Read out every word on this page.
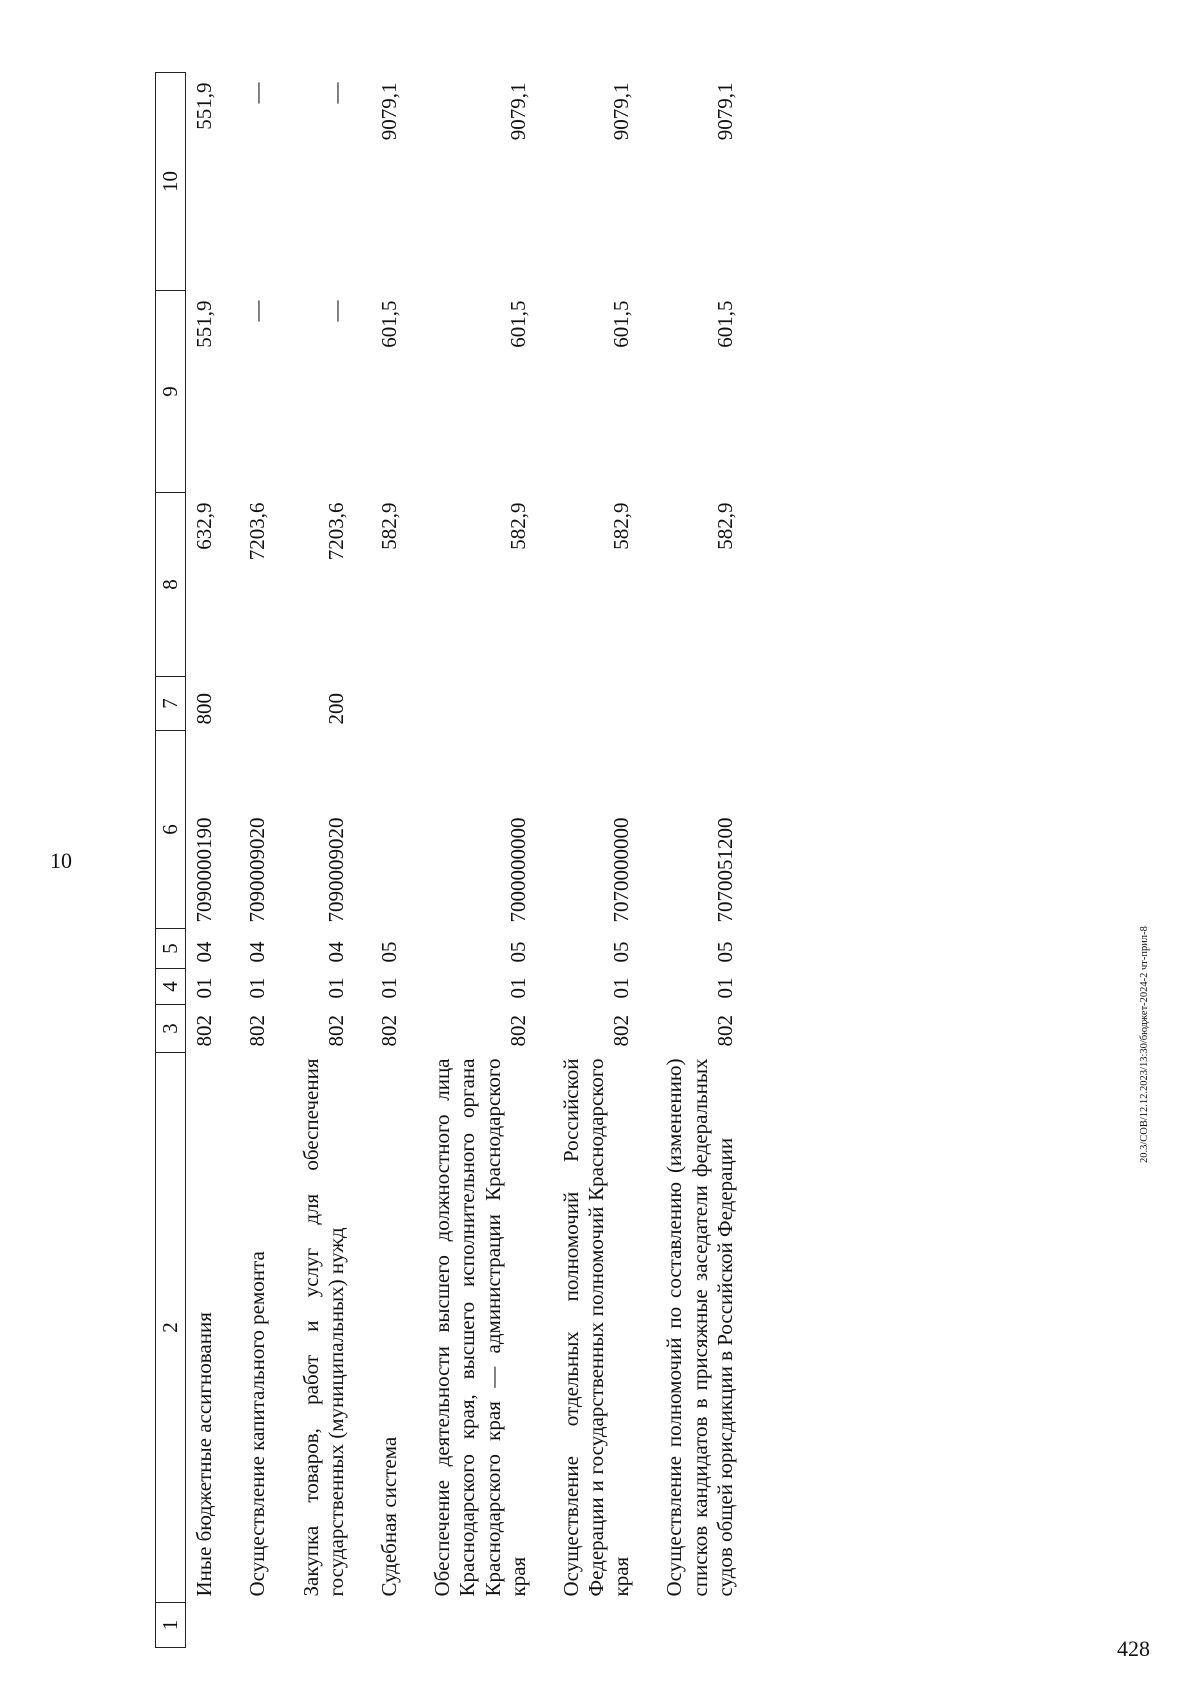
10
20.3/СОВ/12.12.2023/13:30/бюджет-2024-2 чт-прил-8
428
1	2	3	4	5	6	7	8	9	10
	Иные бюджетные ассигнования	802	01	04	7090000190	800	632,9	551,9	551,9
	Осуществление капитального ремонта	802	01	04	7090009020		7203,6	—	—
	Закупка товаров, работ и услуг для обеспечения государственных (муниципальных) нужд	802	01	04	7090009020	200	7203,6	—	—
	Судебная система	802	01	05			582,9	601,5	9079,1
	Обеспечение деятельности высшего должностного лица Краснодарского края, высшего исполнительного органа Краснодарского края — администрации Краснодарского края	802	01	05	7000000000		582,9	601,5	9079,1
	Осуществление отдельных полномочий Российской Федерации и государственных полномочий Краснодарского края	802	01	05	7070000000		582,9	601,5	9079,1
	Осуществление полномочий по составлению (изменению) списков кандидатов в присяжные заседатели федеральных судов общей юрисдикции в Российской Федерации	802	01	05	7070051200		582,9	601,5	9079,1
